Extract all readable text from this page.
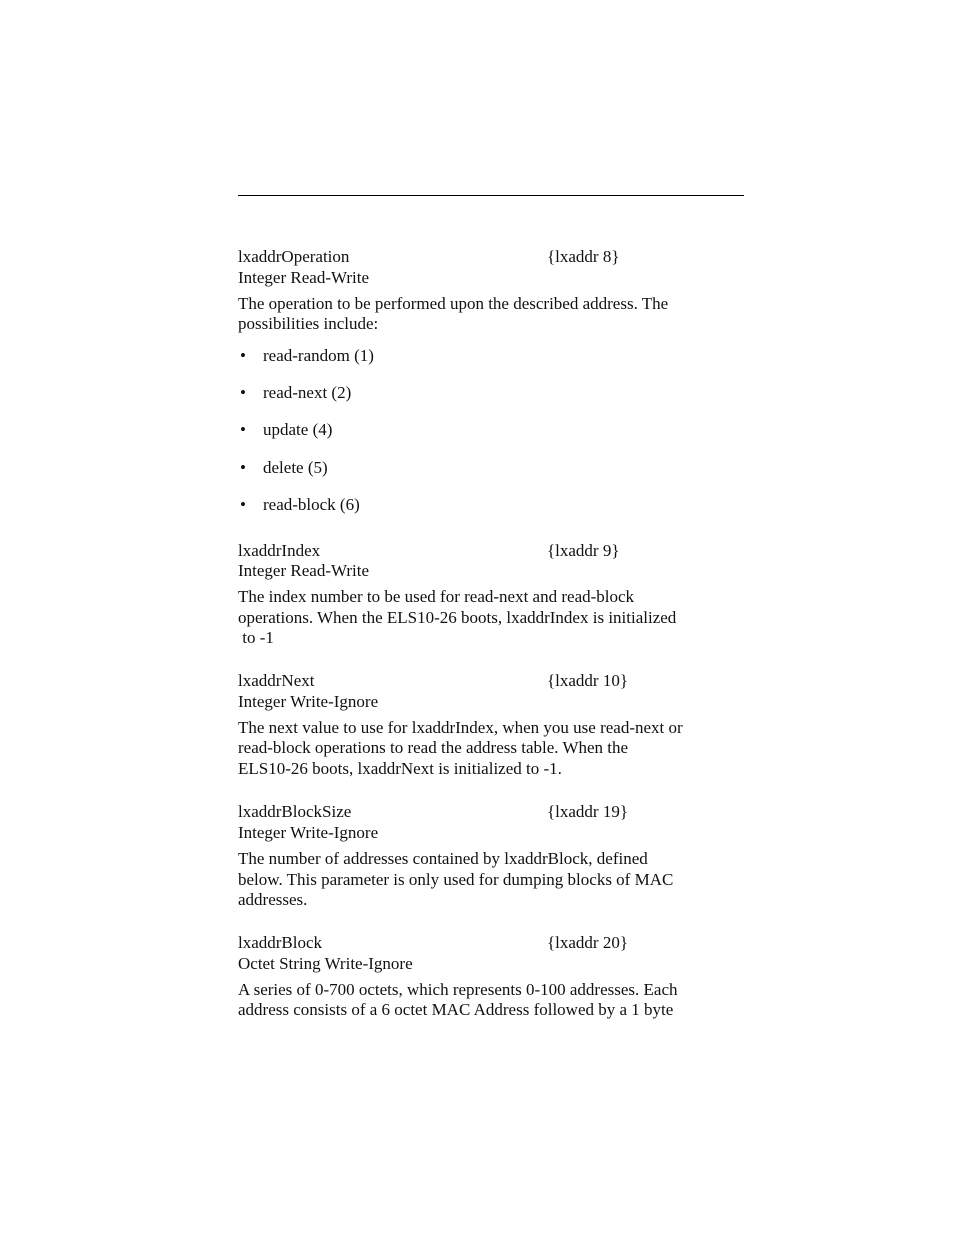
lxaddrOperation	{lxaddr 8}
Integer Read-Write
The operation to be performed upon the described address. The
possibilities include:
• read-random (1)
• read-next (2)
• update (4)
• delete (5)
• read-block (6)
lxaddrIndex	{lxaddr 9}
Integer Read-Write
The index number to be used for read-next and read-block
operations. When the ELS10-26 boots, lxaddrIndex is initialized
to -1
lxaddrNext	{lxaddr 10}
Integer Write-Ignore
The next value to use for lxaddrIndex, when you use read-next or
read-block operations to read the address table. When the
ELS10-26 boots, lxaddrNext is initialized to -1.
lxaddrBlockSize	{lxaddr 19}
Integer Write-Ignore
The number of addresses contained by lxaddrBlock, defined
below. This parameter is only used for dumping blocks of MAC
addresses.
lxaddrBlock	{lxaddr 20}
Octet String Write-Ignore
A series of 0-700 octets, which represents 0-100 addresses. Each
address consists of a 6 octet MAC Address followed by a 1 byte
